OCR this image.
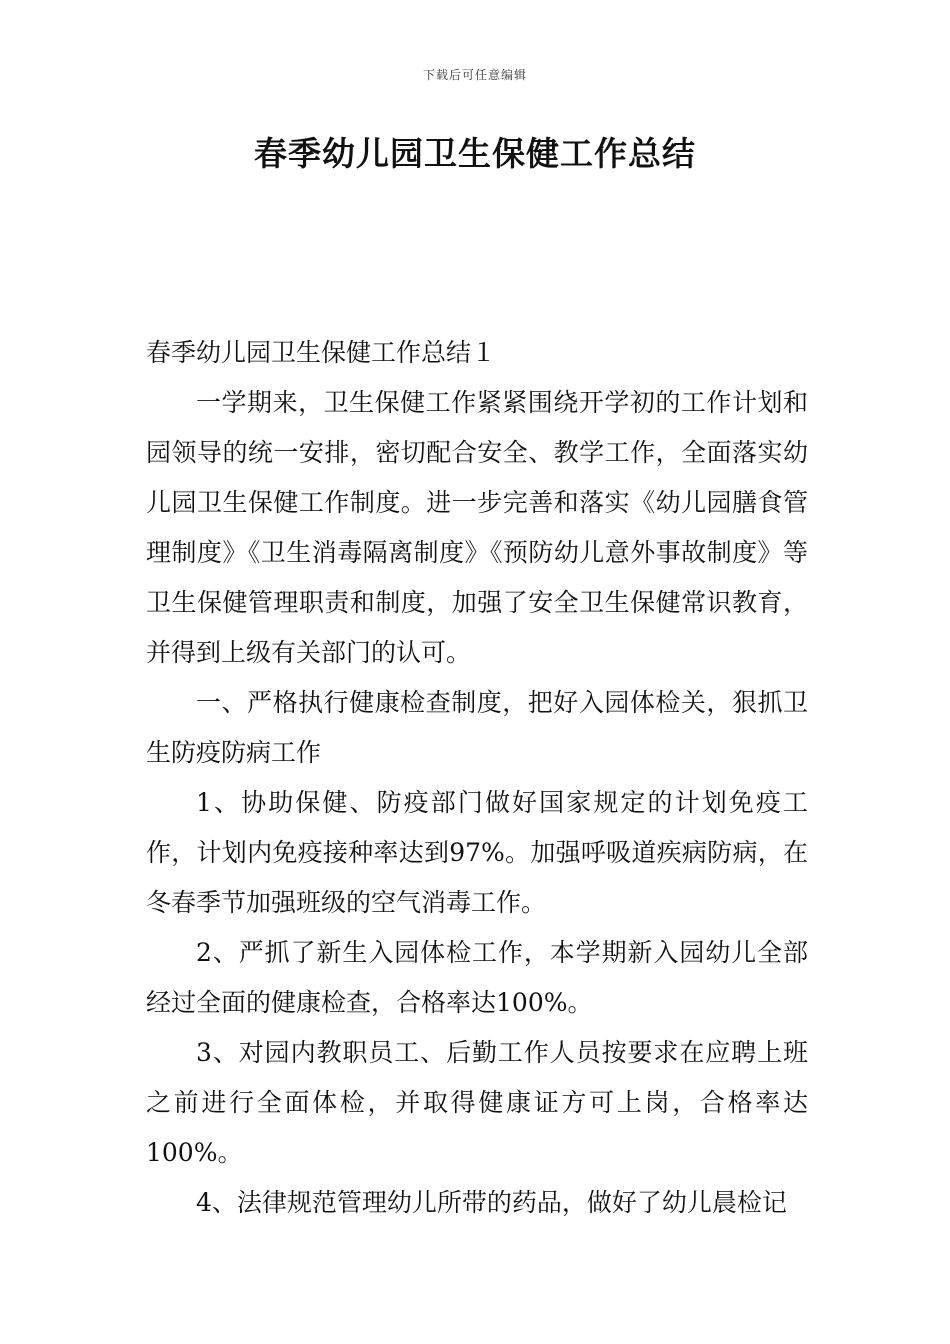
下载后可任意编辑
春季幼儿园卫生保健工作总结

春季幼儿园卫生保健工作总结１

一学期来，卫生保健工作紧紧围绕开学初的工作计划和园领导的统一安排，密切配合安全、教学工作，全面落实幼儿园卫生保健工作制度。进一步完善和落实《幼儿园膳食管理制度》《卫生消毒隔离制度》《预防幼儿意外事故制度》等卫生保健管理职责和制度，加强了安全卫生保健常识教育，并得到上级有关部门的认可。

一、严格执行健康检查制度，把好入园体检关，狠抓卫生防疫防病工作

1、协助保健、防疫部门做好国家规定的计划免疫工作，计划内免疫接种率达到97%。加强呼吸道疾病防病，在冬春季节加强班级的空气消毒工作。

2、严抓了新生入园体检工作，本学期新入园幼儿全部经过全面的健康检查，合格率达100%。

3、对园内教职员工、后勤工作人员按要求在应聘上班之前进行全面体检，并取得健康证方可上岗，合格率达100%。

4、法律规范管理幼儿所带的药品，做好了幼儿晨检记
